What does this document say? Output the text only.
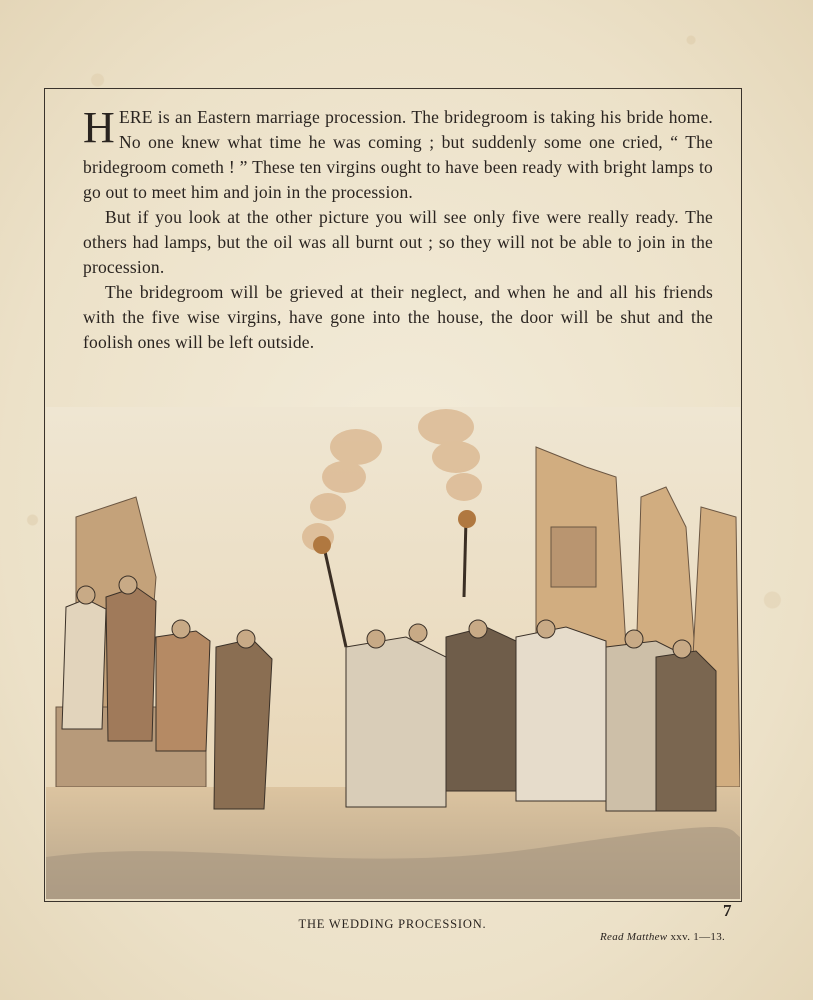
HERE is an Eastern marriage procession. The bridegroom is taking his bride home. No one knew what time he was coming ; but suddenly some one cried, “ The bridegroom cometh ! ” These ten virgins ought to have been ready with bright lamps to go out to meet him and join in the procession.

But if you look at the other picture you will see only five were really ready. The others had lamps, but the oil was all burnt out ; so they will not be able to join in the procession.

The bridegroom will be grieved at their neglect, and when he and all his friends with the five wise virgins, have gone into the house, the door will be shut and the foolish ones will be left outside.

THE WEDDING PROCESSION.
7
Read Matthew xxv. 1—13.
